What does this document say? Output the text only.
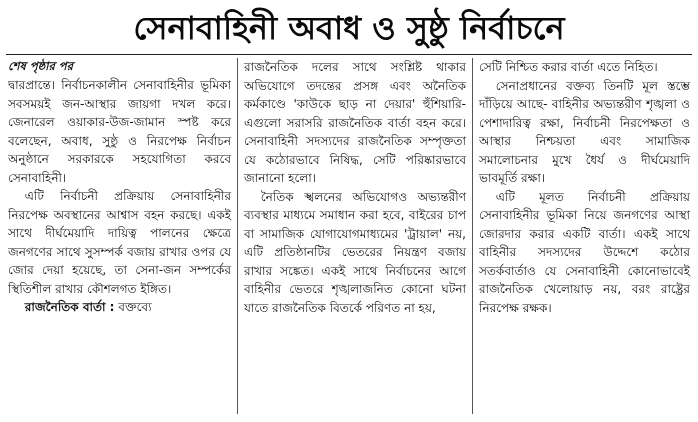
সেনাবাহিনী অবাধ ও সুষ্ঠু নির্বাচনে
শেষ পৃষ্ঠার পর

দ্বারপ্রান্তে। নির্বাচনকালীন সেনাবাহিনীর ভূমিকা সবসময়ই জন-আস্থার জায়গা দখল করে। জেনারেল ওয়াকার-উজ-জামান স্পষ্ট করে বলেছেন, অবাধ, সুষ্ঠু ও নিরপেক্ষ নির্বাচন অনুষ্ঠানে সরকারকে সহযোগিতা করবে সেনাবাহিনী।

এটি নির্বাচনী প্রক্রিয়ায় সেনাবাহিনীর নিরপেক্ষ অবস্থানের আশ্বাস বহন করছে। একই সাথে দীর্ঘমেয়াদি দায়িত্ব পালনের ক্ষেত্রে জনগণের সাথে সুসম্পর্ক বজায় রাখার ওপর যে জোর দেয়া হয়েছে, তা সেনা-জন সম্পর্কের স্থিতিশীল রাখার কৌশলগত ইঙ্গিত।

রাজনৈতিক বার্তা : বক্তব্যে

রাজনৈতিক দলের সাথে সংশ্লিষ্ট থাকার অভিযোগে তদন্তের প্রসঙ্গ এবং অনৈতিক কর্মকাণ্ডে 'কাউকে ছাড় না দেয়ার' হুঁশিয়ারি-এগুলো সরাসরি রাজনৈতিক বার্তা বহন করে। সেনাবাহিনী সদস্যদের রাজনৈতিক সম্পৃক্ততা যে কঠোরভাবে নিষিদ্ধ, সেটি পরিষ্কারভাবে জানানো হলো।

নৈতিক স্খলনের অভিযোগও অভ্যন্তরীণ ব্যবস্থার মাধ্যমে সমাধান করা হবে, বাইরের চাপ বা সামাজিক যোগাযোগমাধ্যমের 'ট্রায়াল' নয়, এটি প্রতিষ্ঠানটির ভেতরের নিয়ন্ত্রণ বজায় রাখার সঙ্কেত। একই সাথে নির্বাচনের আগে বাহিনীর ভেতরে শৃঙ্খলাজনিত কোনো ঘটনা যাতে রাজনৈতিক বিতর্কে পরিণত না হয়,

সেটি নিশ্চিত করার বার্তা এতে নিহিত।

সেনাপ্রধানের বক্তব্য তিনটি মূল স্তম্ভে দাঁড়িয়ে আছে- বাহিনীর অভ্যন্তরীণ শৃঙ্খলা ও পেশাদারিত্ব রক্ষা, নির্বাচনী নিরপেক্ষতা ও আস্থার নিশ্চয়তা এবং সামাজিক সমালোচনার মুখে ধৈর্য ও দীর্ঘমেয়াদি ভাবমূর্তি রক্ষা।

এটি মূলত নির্বাচনী প্রক্রিয়ায় সেনাবাহিনীর ভূমিকা নিয়ে জনগণের আস্থা জোরদার করার একটি বার্তা। একই সাথে বাহিনীর সদস্যদের উদ্দেশে কঠোর সতর্কবার্তাও যে সেনাবাহিনী কোনোভাবেই রাজনৈতিক খেলোয়াড় নয়, বরং রাষ্ট্রের নিরপেক্ষ রক্ষক।
